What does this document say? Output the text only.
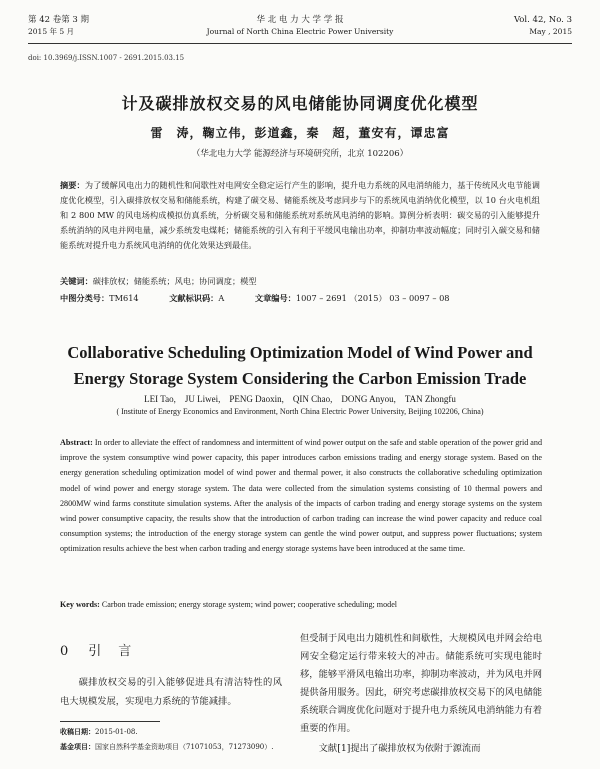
第 42 卷第 3 期
2015 年 5 月
华 北 电 力 大 学 学 报
Journal of North China Electric Power University
Vol. 42, No. 3
May , 2015
doi: 10.3969/j.ISSN.1007 - 2691.2015.03.15
计及碳排放权交易的风电储能协同调度优化模型
雷　涛，鞠立伟，彭道鑫，秦　超，董安有，谭忠富
（华北电力大学 能源经济与环境研究所，北京 102206）
摘要：为了缓解风电出力的随机性和间歇性对电网安全稳定运行产生的影响，提升电力系统的风电消纳能力，基于传统风火电节能调度优化模型，引入碳排放权交易和储能系统，构建了碳交易、储能系统及考虑同步与下的系统风电消纳优化模型，以 10 台火电机组和 2 800 MW 的风电场构成模拟仿真系统，分析碳交易和储能系统对系统风电消纳的影响。算例分析表明：碳交易的引入能够提升系统消纳的风电并网电量，减少系统发电煤耗；储能系统的引入有利于平缓风电输出功率，抑制功率波动幅度；同时引入碳交易和储能系统对提升电力系统风电消纳的优化效果达到最佳。
关键词：碳排放权；储能系统；风电；协同调度；模型
中图分类号：TM614	文献标识码：A	文章编号：1007 – 2691 （2015） 03 – 0097 – 08
Collaborative Scheduling Optimization Model of Wind Power and
Energy Storage System Considering the Carbon Emission Trade
LEI Tao,　JU Liwei,　PENG Daoxin,　QIN Chao,　DONG Anyou,　TAN Zhongfu
( Institute of Energy Economics and Environment, North China Electric Power University, Beijing 102206, China)
Abstract: In order to alleviate the effect of randomness and intermittent of wind power output on the safe and stable operation of the power grid and improve the system consumptive wind power capacity, this paper introduces carbon emissions trading and energy storage system. Based on the energy generation scheduling optimization model of wind power and thermal power, it also constructs the collaborative scheduling optimization model of wind power and energy storage system. The data were collected from the simulation systems consisting of 10 thermal powers and 2800MW wind farms constitute simulation systems. After the analysis of the impacts of carbon trading and energy storage systems on the system wind power consumptive capacity, the results show that the introduction of carbon trading can increase the wind power capacity and reduce coal consumption systems; the introduction of the energy storage system can gentle the wind power output, and suppress power fluctuations; system optimization results achieve the best when carbon trading and energy storage systems have been introduced at the same time.
Key words: Carbon trade emission; energy storage system; wind power; cooperative scheduling; model
0 引　言

碳排放权交易的引入能够促进具有清洁特性的风电大规模发展，实现电力系统的节能减排。

收稿日期：2015-01-08.
基金项目：国家自然科学基金资助项目（71071053，71273090）.

但受制于风电出力随机性和间歇性，大规模风电并网会给电网安全稳定运行带来较大的冲击。储能系统可实现电能时移，能够平滑风电输出功率，抑制功率波动，并为风电并网提供备用服务。因此，研究考虑碳排放权交易下的风电储能系统联合调度优化问题对于提升电力系统风电消纳能力有着重要的作用。

文献[1]提出了碳排放权为依附于源流而
